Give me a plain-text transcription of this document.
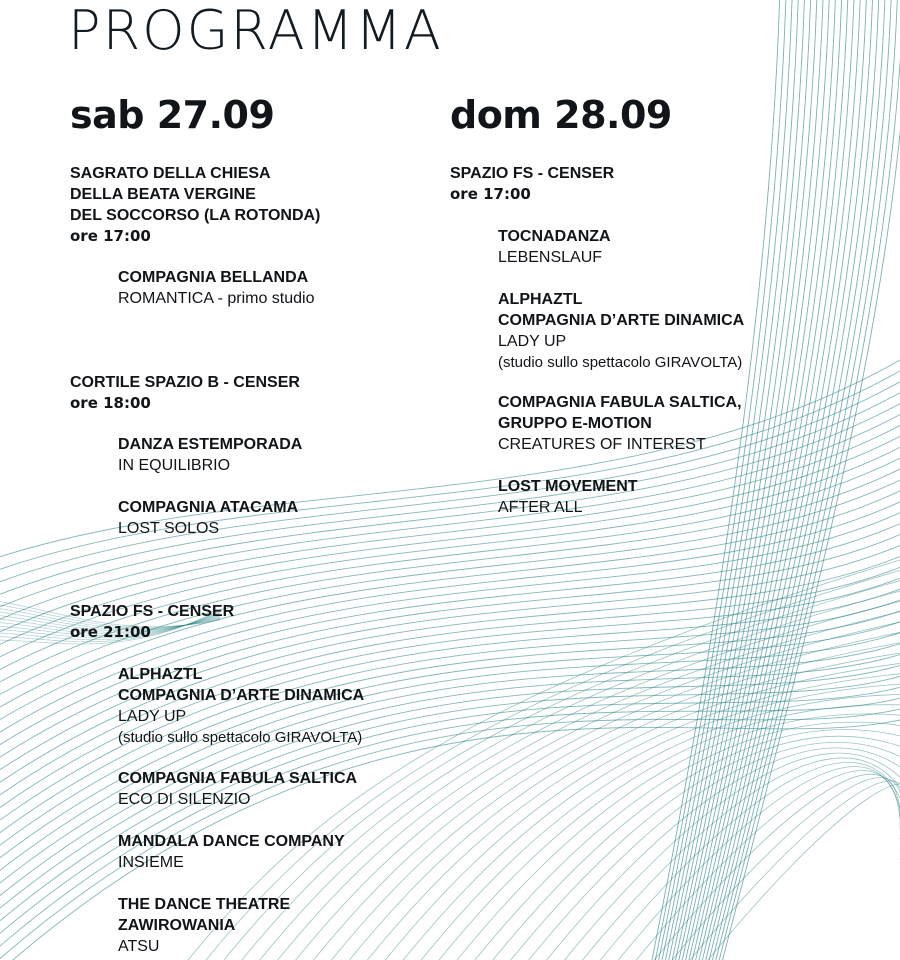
PROGRAMMA
sab 27.09
SAGRATO DELLA CHIESA
DELLA BEATA VERGINE
DEL SOCCORSO (LA ROTONDA)
ore 17:00
COMPAGNIA BELLANDA
ROMANTICA - primo studio
CORTILE SPAZIO B - CENSER
ore 18:00
DANZA ESTEMPORADA
IN EQUILIBRIO
COMPAGNIA ATACAMA
LOST SOLOS
SPAZIO FS - CENSER
ore 21:00
ALPHAZTL
COMPAGNIA D’ARTE DINAMICA
LADY UP
(studio sullo spettacolo GIRAVOLTA)
COMPAGNIA FABULA SALTICA
ECO DI SILENZIO
MANDALA DANCE COMPANY
INSIEME
THE DANCE THEATRE
ZAWIROWANIA
ATSU
dom 28.09
SPAZIO FS - CENSER
ore 17:00
TOCNADANZA
LEBENSLAUF
ALPHAZTL
COMPAGNIA D’ARTE DINAMICA
LADY UP
(studio sullo spettacolo GIRAVOLTA)
COMPAGNIA FABULA SALTICA,
GRUPPO E-MOTION
CREATURES OF INTEREST
LOST MOVEMENT
AFTER ALL
